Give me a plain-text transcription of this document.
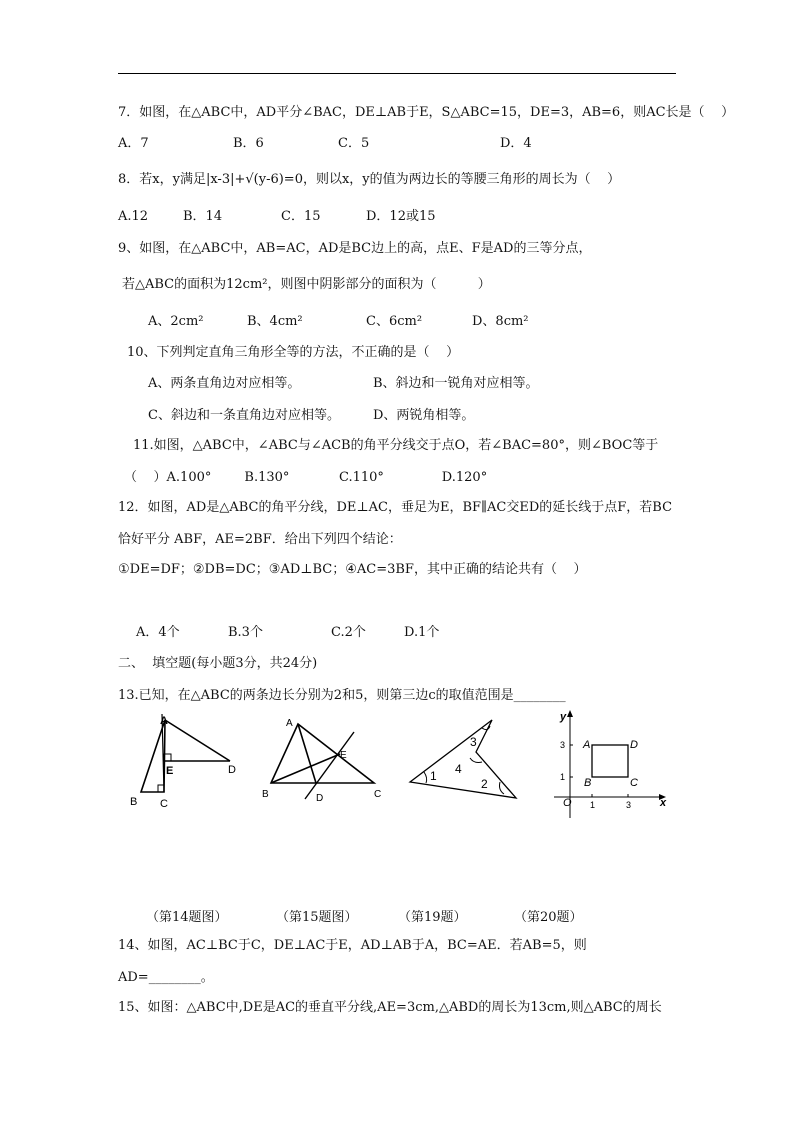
7．如图，在△ABC中，AD平分∠BAC，DE⊥AB于E，S△ABC=15，DE=3，AB=6，则AC长是（    ）
A．7	B．6	C．5	D．4
8．若x，y满足|x-3|+√(y-6)=0，则以x，y的值为两边长的等腰三角形的周长为（    ）
A.12	B．14	C．15	D．12或15
9、如图，在△ABC中，AB=AC，AD是BC边上的高，点E、F是AD的三等分点，
若△ABC的面积为12cm²，则图中阴影部分的面积为（          ）
A、2cm²	B、4cm²	C、6cm²	D、8cm²
10、下列判定直角三角形全等的方法，不正确的是（    ）
A、两条直角边对应相等。	B、斜边和一锐角对应相等。
C、斜边和一条直角边对应相等。	D、两锐角相等。
11.如图，△ABC中，∠ABC与∠ACB的角平分线交于点O，若∠BAC=80°，则∠BOC等于
（    ）A.100°        B.130°            C.110°              D.120°
12．如图，AD是△ABC的角平分线，DE⊥AC，垂足为E，BF∥AC交ED的延长线于点F，若BC
恰好平分 ABF，AE=2BF．给出下列四个结论：
①DE=DF；②DB=DC；③AD⊥BC；④AC=3BF，其中正确的结论共有（    ）
A．4个	B.3个	C.2个	D.1个
二、  填空题(每小题3分，共24分)
13.已知，在△ABC的两条边长分别为2和5，则第三边c的取值范围是________
A
E	D
B C
A
E
B	D	C
3
4
1
2
y
A	D
B	C
O 1	3
3
1
x
（第14题图）	（第15题图）	（第19题）	（第20题）
14、如图，AC⊥BC于C，DE⊥AC于E，AD⊥AB于A，BC=AE．若AB=5，则
AD=________。
15、如图：△ABC中,DE是AC的垂直平分线,AE=3cm,△ABD的周长为13cm,则△ABC的周长
